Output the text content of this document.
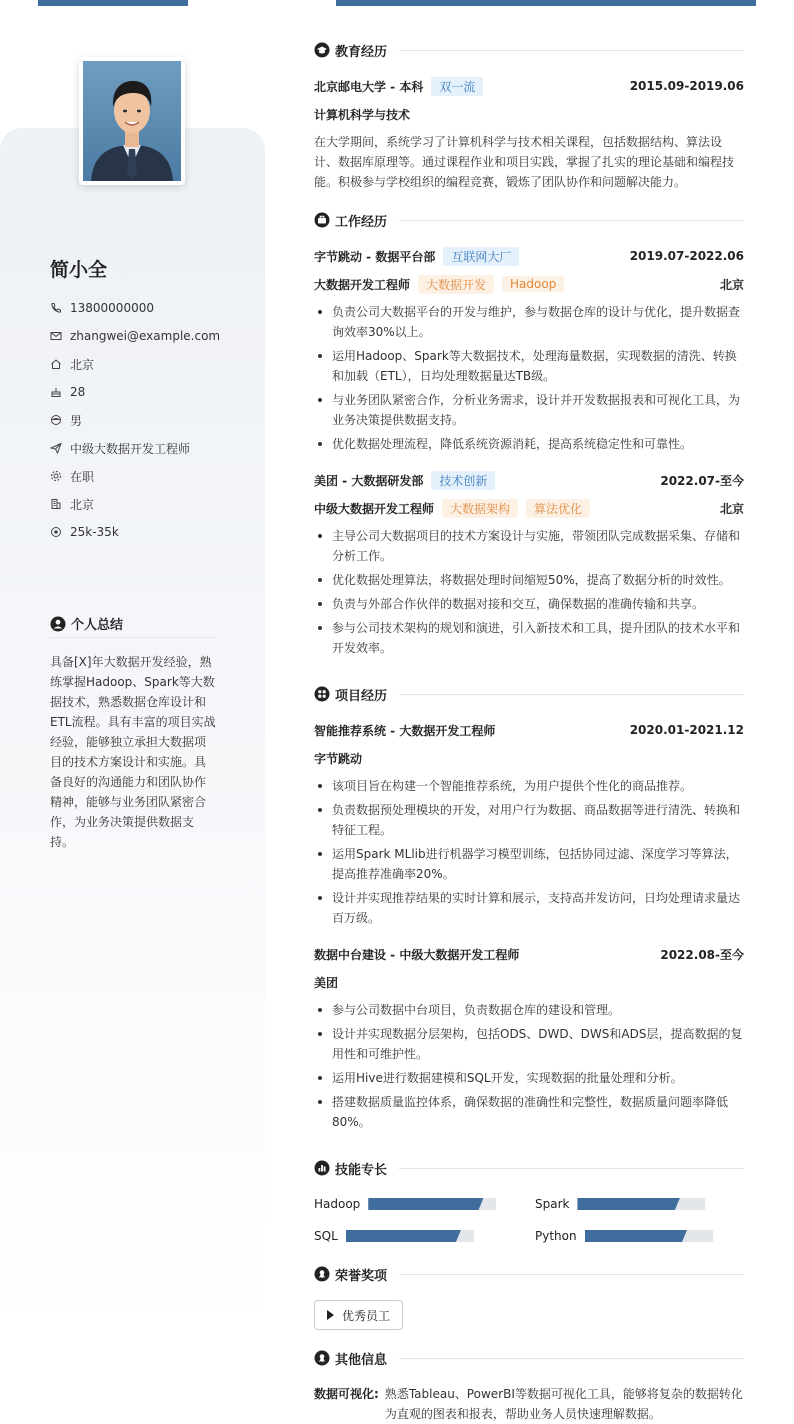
简小全
13800000000
zhangwei@example.com
北京
28
男
中级大数据开发工程师
在职
北京
25k-35k
个人总结
具备[X]年大数据开发经验，熟练掌握Hadoop、Spark等大数据技术，熟悉数据仓库设计和ETL流程。具有丰富的项目实战经验，能够独立承担大数据项目的技术方案设计和实施。具备良好的沟通能力和团队协作精神，能够与业务团队紧密合作，为业务决策提供数据支持。
教育经历
北京邮电大学 - 本科	双一流	2015.09-2019.06
计算机科学与技术
在大学期间，系统学习了计算机科学与技术相关课程，包括数据结构、算法设计、数据库原理等。通过课程作业和项目实践，掌握了扎实的理论基础和编程技能。积极参与学校组织的编程竞赛，锻炼了团队协作和问题解决能力。
工作经历
字节跳动 - 数据平台部	互联网大厂	2019.07-2022.06
大数据开发工程师	大数据开发	Hadoop	北京
负责公司大数据平台的开发与维护，参与数据仓库的设计与优化，提升数据查询效率30%以上。
运用Hadoop、Spark等大数据技术，处理海量数据，实现数据的清洗、转换和加载（ETL），日均处理数据量达TB级。
与业务团队紧密合作，分析业务需求，设计并开发数据报表和可视化工具，为业务决策提供数据支持。
优化数据处理流程，降低系统资源消耗，提高系统稳定性和可靠性。
美团 - 大数据研发部	技术创新	2022.07-至今
中级大数据开发工程师	大数据架构	算法优化	北京
主导公司大数据项目的技术方案设计与实施，带领团队完成数据采集、存储和分析工作。
优化数据处理算法，将数据处理时间缩短50%，提高了数据分析的时效性。
负责与外部合作伙伴的数据对接和交互，确保数据的准确传输和共享。
参与公司技术架构的规划和演进，引入新技术和工具，提升团队的技术水平和开发效率。
项目经历
智能推荐系统 - 大数据开发工程师	2020.01-2021.12
字节跳动
该项目旨在构建一个智能推荐系统，为用户提供个性化的商品推荐。
负责数据预处理模块的开发，对用户行为数据、商品数据等进行清洗、转换和特征工程。
运用Spark MLlib进行机器学习模型训练，包括协同过滤、深度学习等算法，提高推荐准确率20%。
设计并实现推荐结果的实时计算和展示，支持高并发访问，日均处理请求量达百万级。
数据中台建设 - 中级大数据开发工程师	2022.08-至今
美团
参与公司数据中台项目，负责数据仓库的建设和管理。
设计并实现数据分层架构，包括ODS、DWD、DWS和ADS层，提高数据的复用性和可维护性。
运用Hive进行数据建模和SQL开发，实现数据的批量处理和分析。
搭建数据质量监控体系，确保数据的准确性和完整性，数据质量问题率降低80%。
技能专长
Hadoop	Spark
SQL	Python
荣誉奖项
优秀员工
其他信息
数据可视化: 熟悉Tableau、PowerBI等数据可视化工具，能够将复杂的数据转化为直观的图表和报表，帮助业务人员快速理解数据。
